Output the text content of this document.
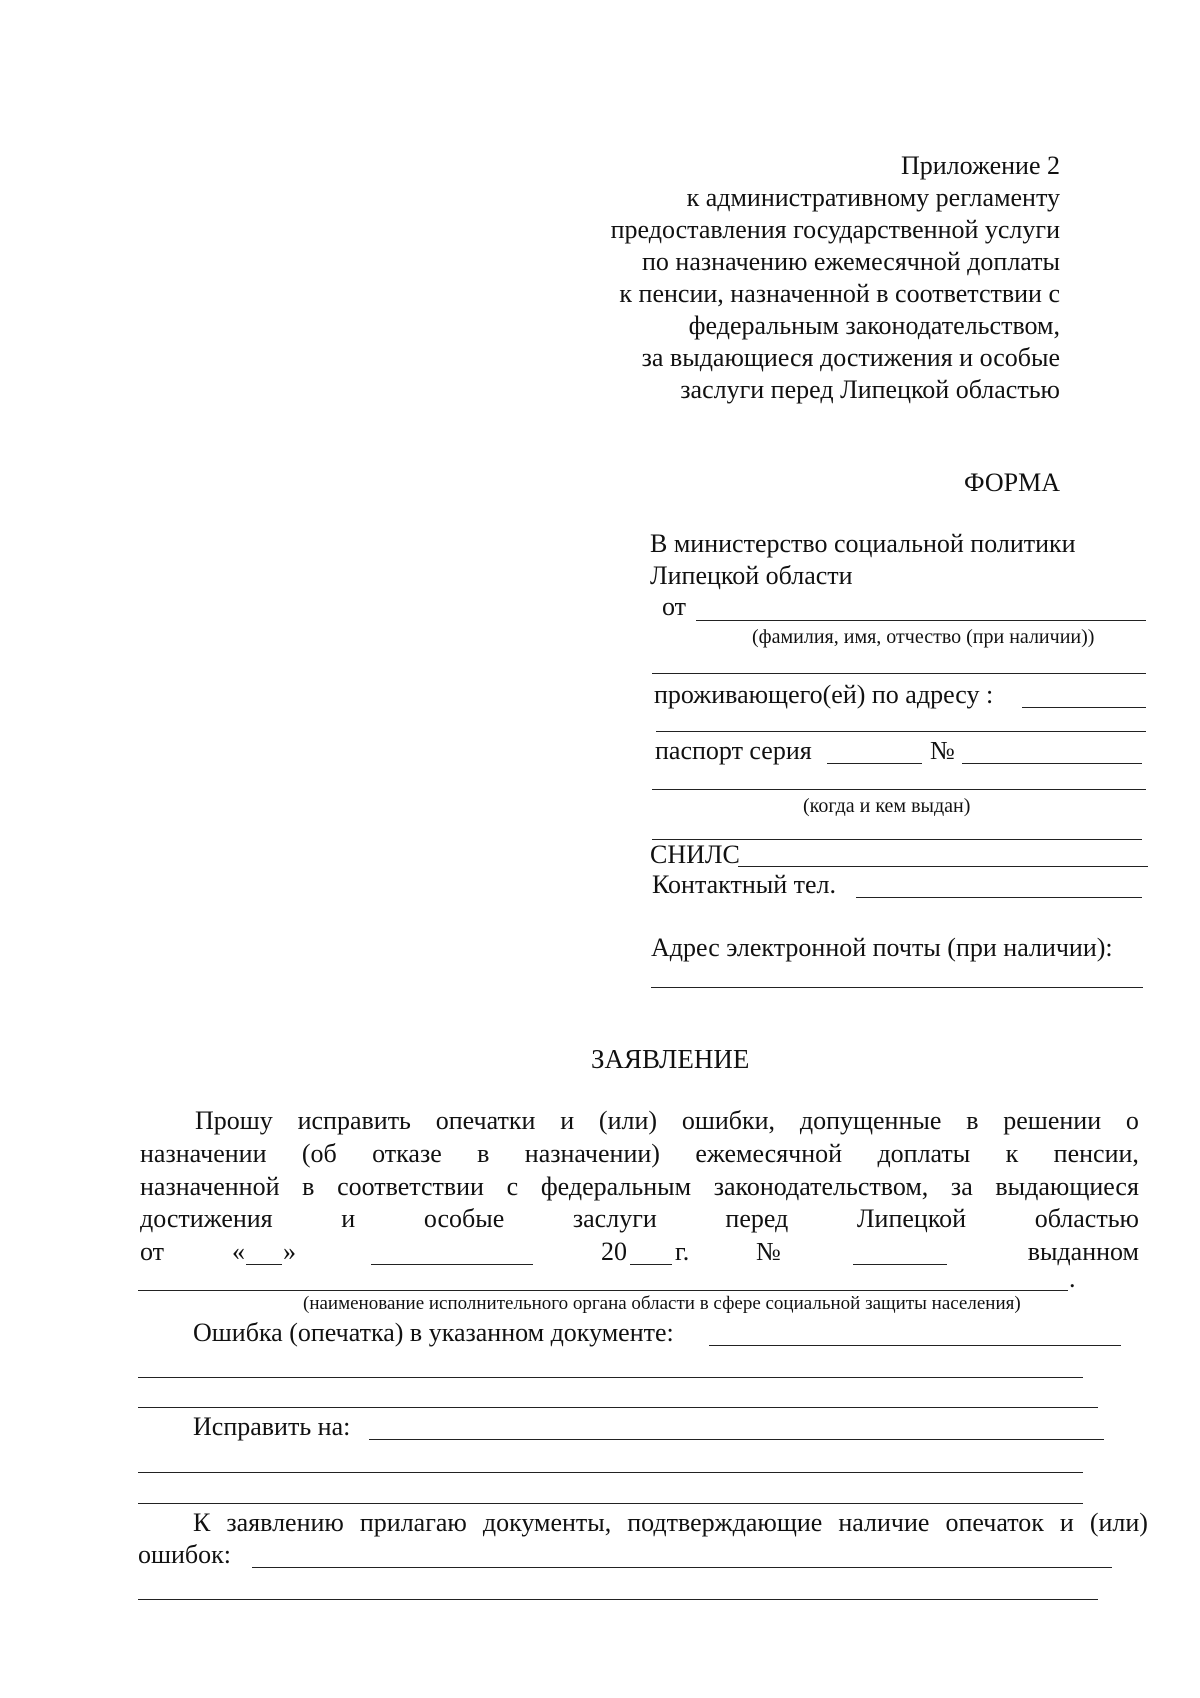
Приложение 2
к административному регламенту
предоставления государственной услуги
по назначению ежемесячной доплаты
к пенсии, назначенной в соответствии с
федеральным законодательством,
за выдающиеся достижения и особые
заслуги перед Липецкой областью
ФОРМА
В министерство социальной политики
Липецкой области
от
(фамилия, имя, отчество (при наличии))
проживающего(ей) по адресу :
паспорт серия	№
(когда и кем выдан)
СНИЛС
Контактный тел.
Адрес электронной почты (при наличии):
ЗАЯВЛЕНИЕ
Прошу исправить опечатки и (или) ошибки, допущенные в решении о
назначении (об отказе в назначении) ежемесячной доплаты к пенсии,
назначенной в соответствии с федеральным законодательством, за выдающиеся
достижения	и	особые	заслуги	перед	Липецкой	областью
от	« »	20 г.	№	выданном
.
(наименование исполнительного органа области в сфере социальной защиты населения)
Ошибка (опечатка) в указанном документе:
Исправить на:
К заявлению прилагаю документы, подтверждающие наличие опечаток и (или)
ошибок:
